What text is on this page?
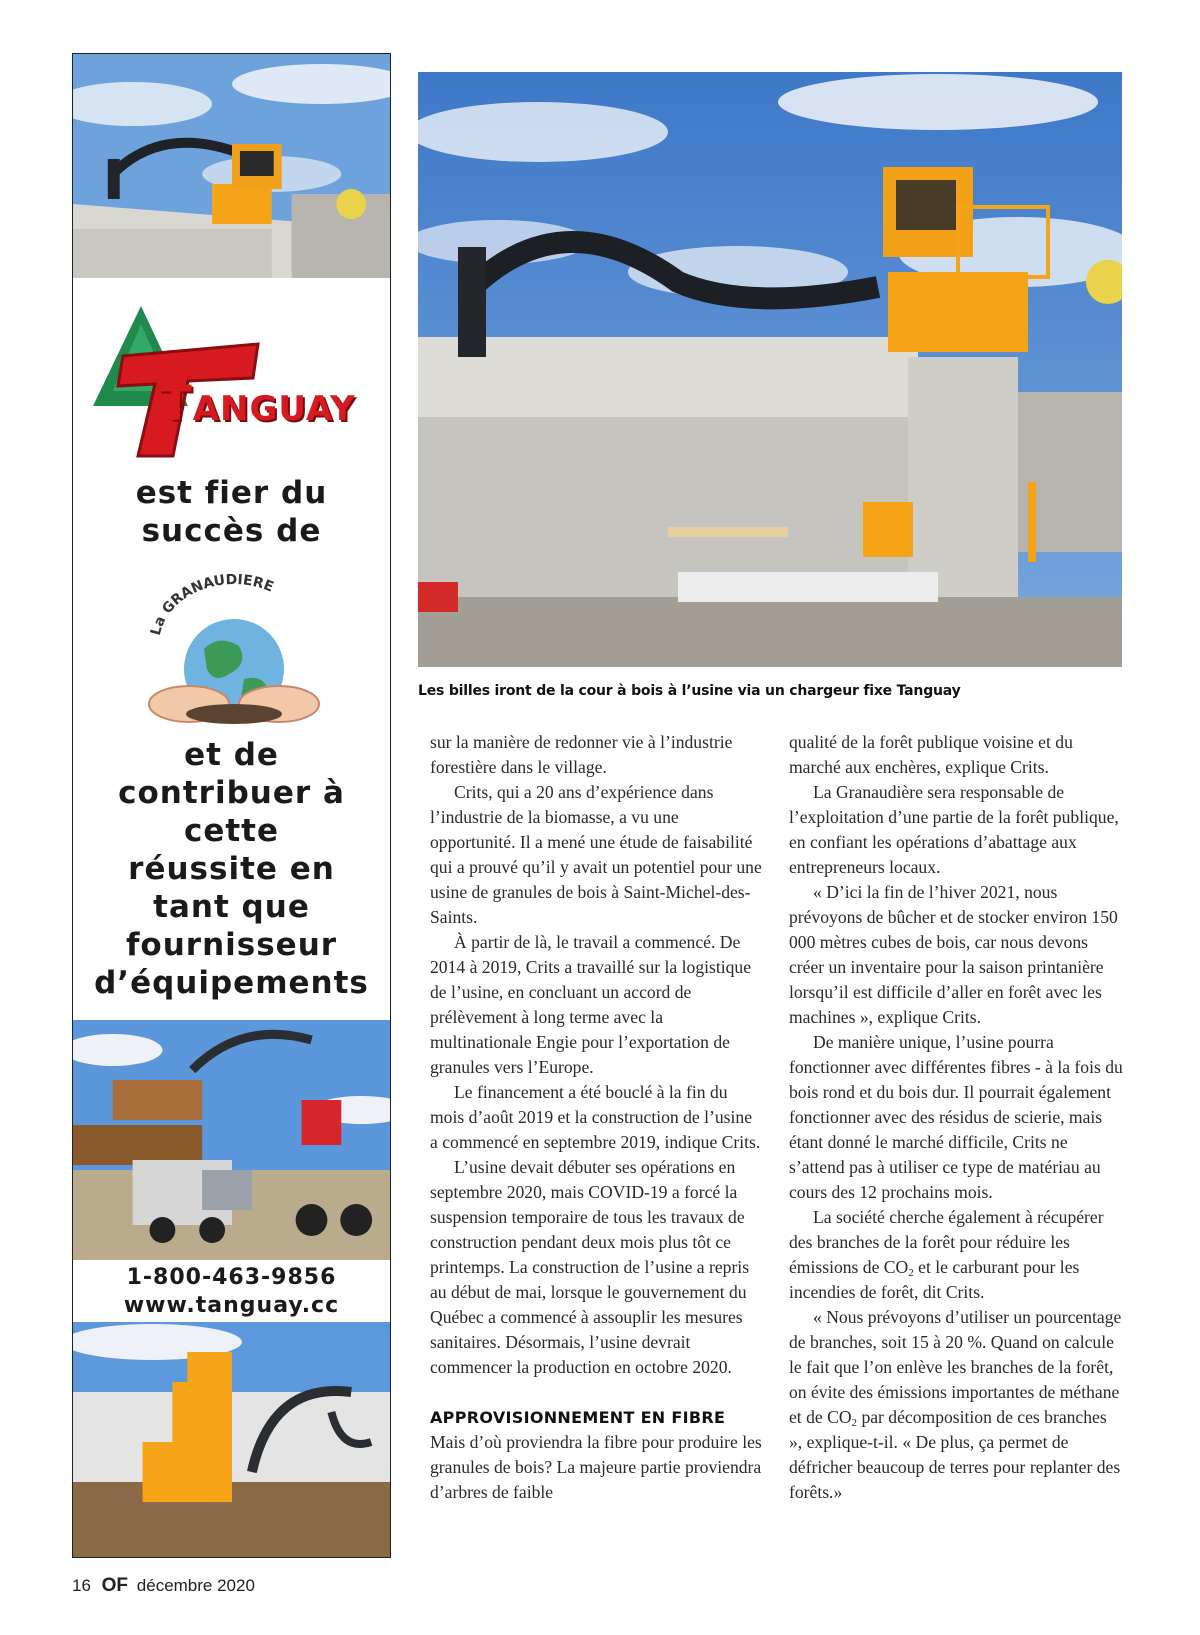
Tanguay
est fier du
succès de
La GRANAUDIÈRE
et de
contribuer à
cette
réussite en
tant que
fournisseur
d’équipements
1-800-463-9856
www.tanguay.cc
Les billes iront de la cour à bois à l’usine via un chargeur fixe Tanguay

sur la manière de redonner vie à l’industrie forestière dans le village.

Crits, qui a 20 ans d’expérience dans l’industrie de la biomasse, a vu une opportunité. Il a mené une étude de faisabilité qui a prouvé qu’il y avait un potentiel pour une usine de granules de bois à Saint-Michel-des-Saints.

À partir de là, le travail a commencé. De 2014 à 2019, Crits a travaillé sur la logistique de l’usine, en concluant un accord de prélèvement à long terme avec la multinationale Engie pour l’exportation de granules vers l’Europe.

Le financement a été bouclé à la fin du mois d’août 2019 et la construction de l’usine a commencé en septembre 2019, indique Crits.

L’usine devait débuter ses opérations en septembre 2020, mais COVID-19 a forcé la suspension temporaire de tous les travaux de construction pendant deux mois plus tôt ce printemps. La construction de l’usine a repris au début de mai, lorsque le gouvernement du Québec a commencé à assouplir les mesures sanitaires. Désormais, l’usine devrait commencer la production en octobre 2020.

APPROVISIONNEMENT EN FIBRE

Mais d’où proviendra la fibre pour produire les granules de bois? La majeure partie proviendra d’arbres de faible

qualité de la forêt publique voisine et du marché aux enchères, explique Crits.

La Granaudière sera responsable de l’exploitation d’une partie de la forêt publique, en confiant les opérations d’abattage aux entrepreneurs locaux.

« D’ici la fin de l’hiver 2021, nous prévoyons de bûcher et de stocker environ 150 000 mètres cubes de bois, car nous devons créer un inventaire pour la saison printanière lorsqu’il est difficile d’aller en forêt avec les machines », explique Crits.

De manière unique, l’usine pourra fonctionner avec différentes fibres - à la fois du bois rond et du bois dur. Il pourrait également fonctionner avec des résidus de scierie, mais étant donné le marché difficile, Crits ne s’attend pas à utiliser ce type de matériau au cours des 12 prochains mois.

La société cherche également à récupérer des branches de la forêt pour réduire les émissions de $CO_2$ et le carburant pour les incendies de forêt, dit Crits.

« Nous prévoyons d’utiliser un pourcentage de branches, soit 15 à 20 %. Quand on calcule le fait que l’on enlève les branches de la forêt, on évite des émissions importantes de méthane et de $CO_2$ par décomposition de ces branches », explique-t-il. « De plus, ça permet de défricher beaucoup de terres pour replanter des forêts.»

16 OF décembre 2020
